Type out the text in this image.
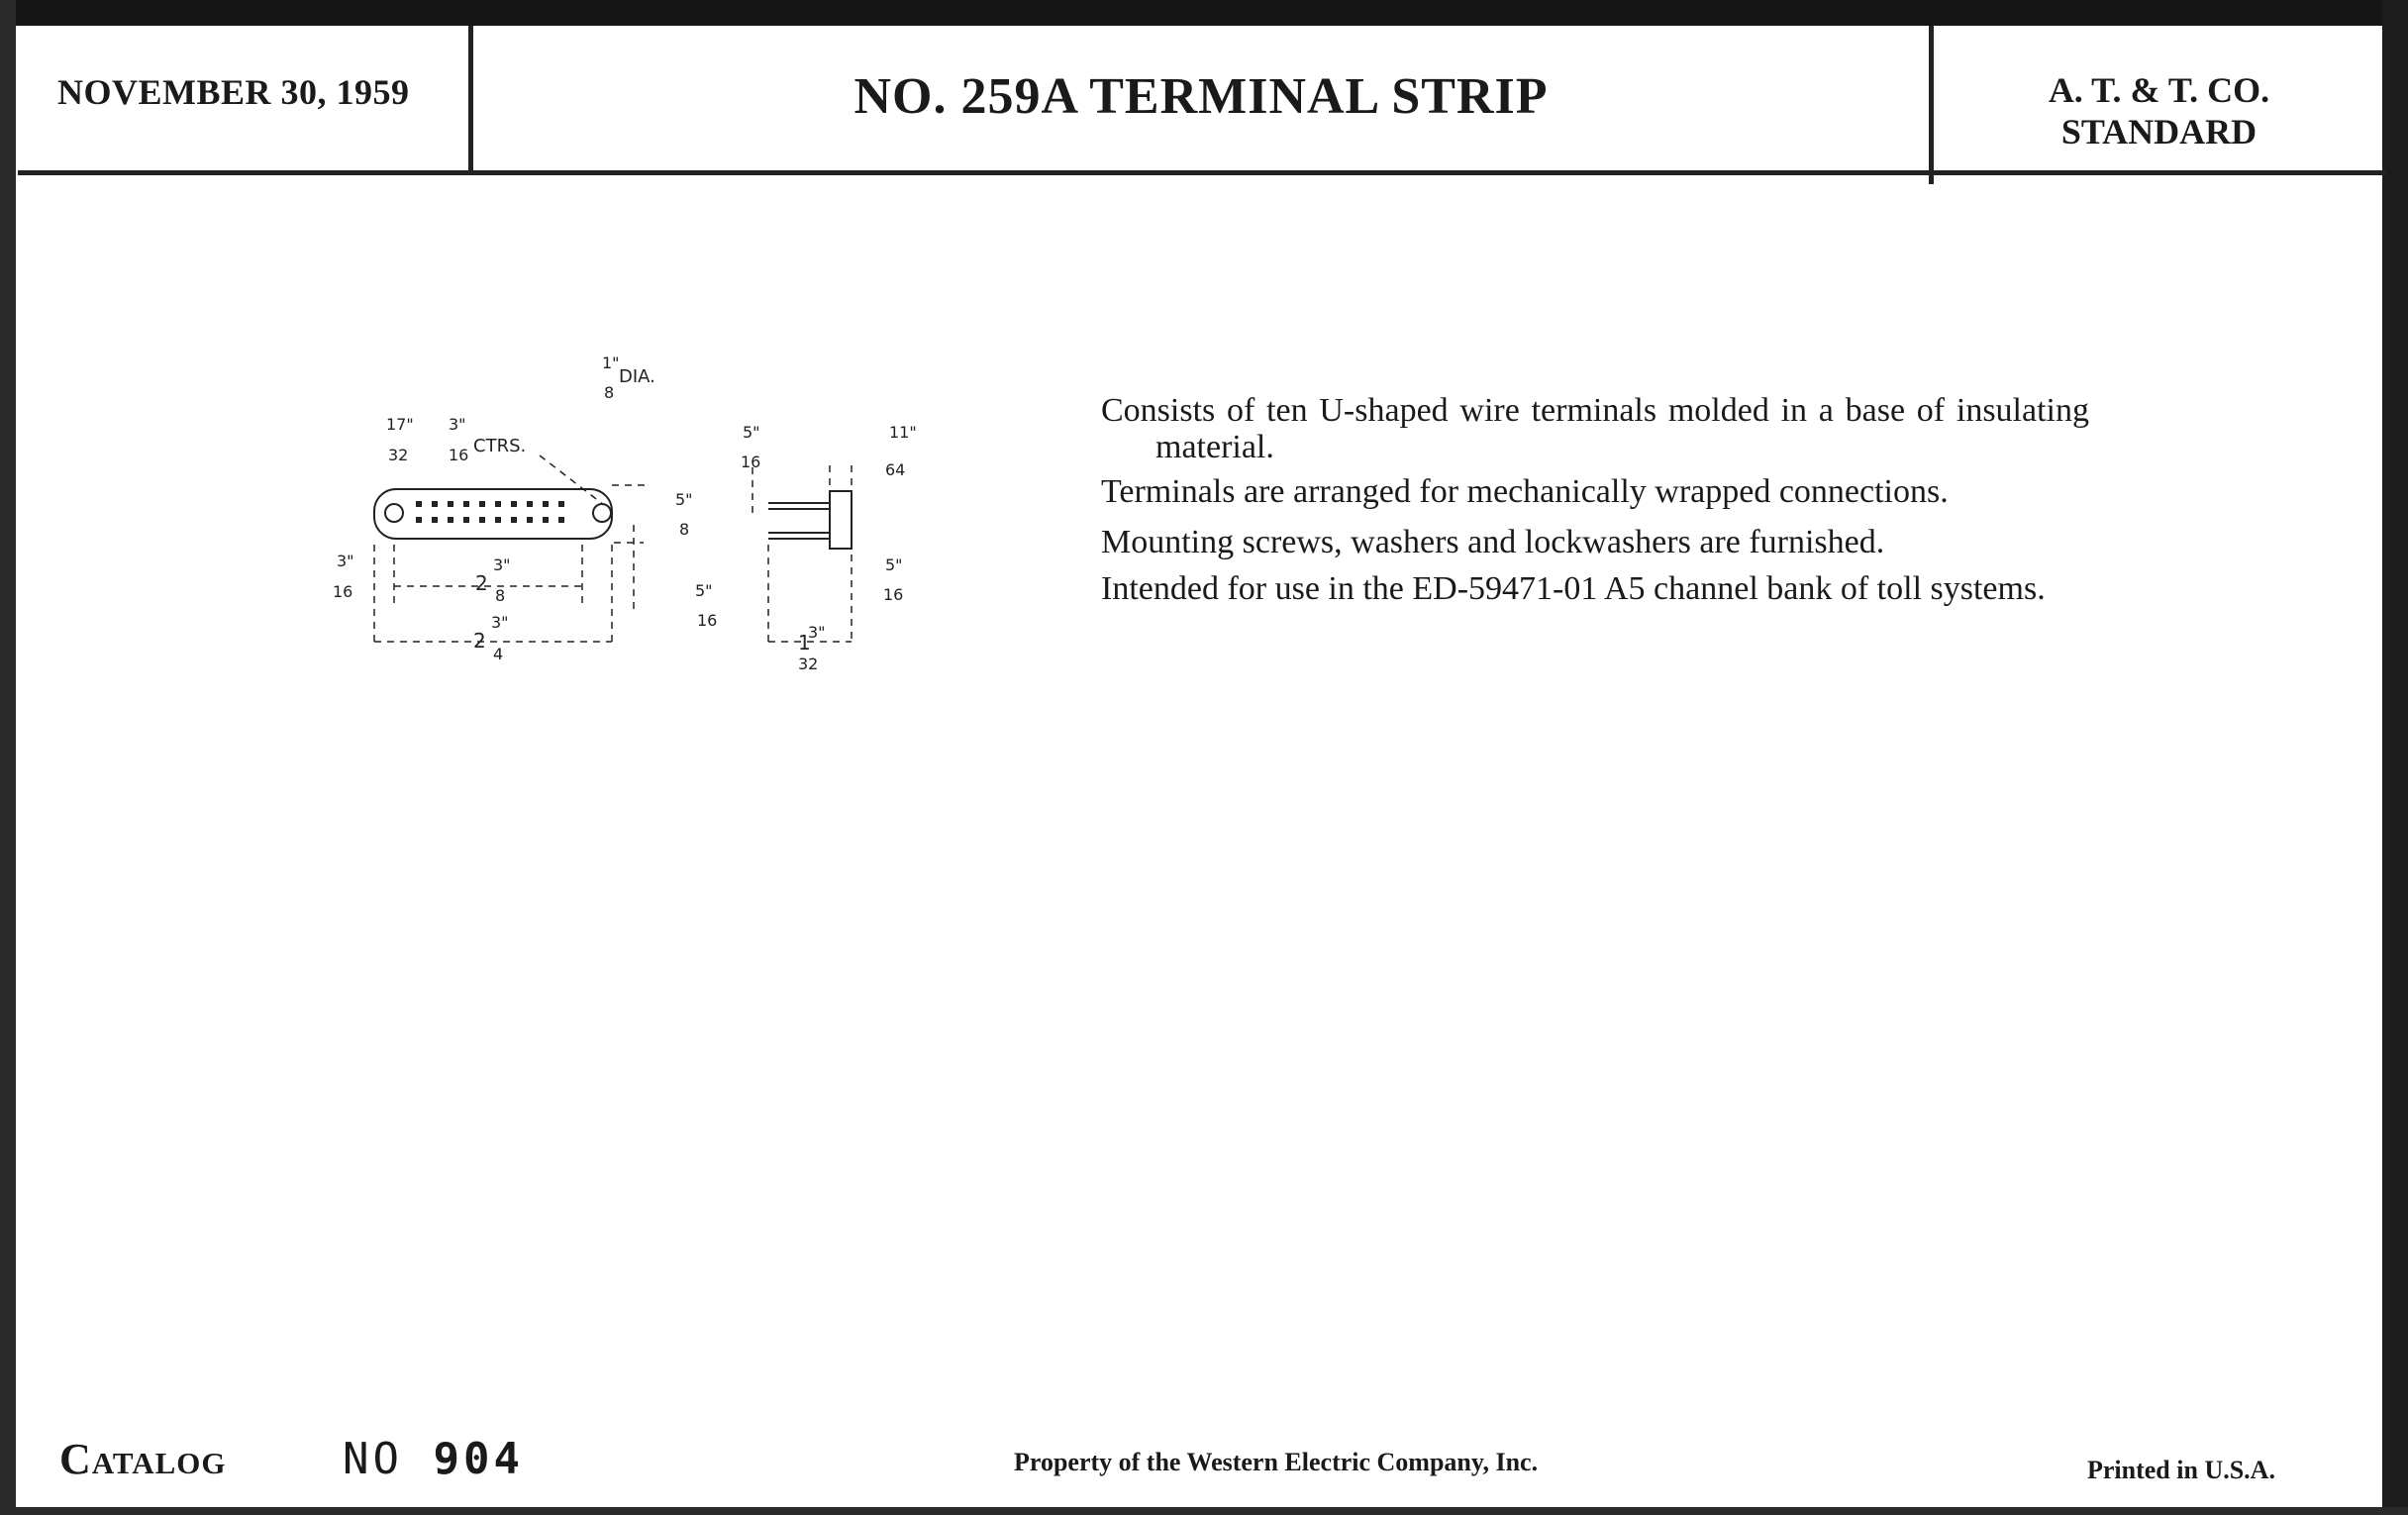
NOVEMBER 30, 1959	NO. 259A TERMINAL STRIP	A. T. & T. CO.
STANDARD
1"
8
DIA.
17"
32
3"
16 CTRS.
5"
8
3"
16	2
3"
8
2
3"
4
5"
16
5"
16
11"
64
5"
16
1
3"
32

Consists of ten U-shaped wire terminals molded in a base of insulating material.

Terminals are arranged for mechanically wrapped connections.

Mounting screws, washers and lockwashers are furnished.

Intended for use in the ED-59471-01 A5 channel bank of toll systems.

Catalog	NO 904	Property of the Western Electric Company, Inc.	Printed in U.S.A.
